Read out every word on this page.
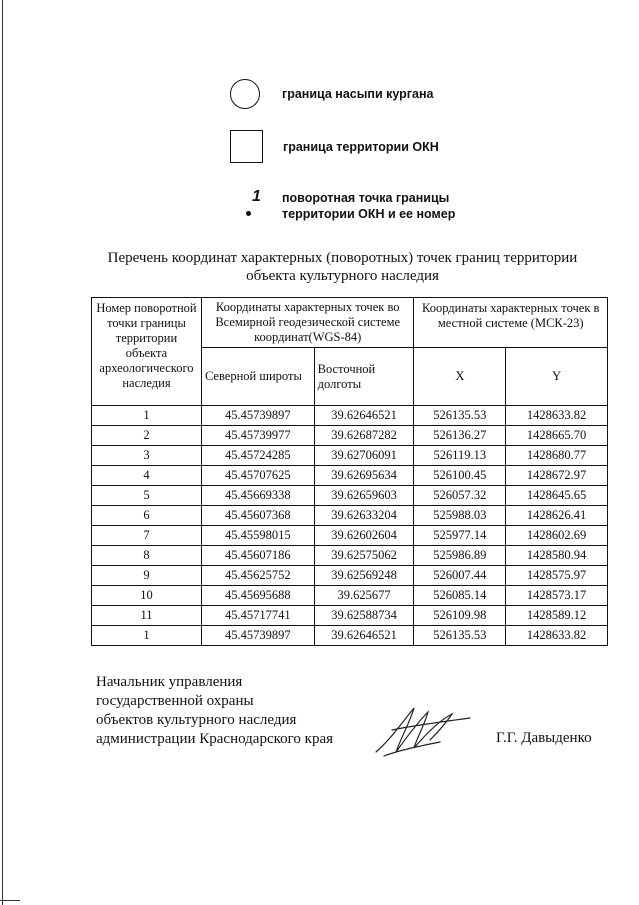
граница насыпи кургана
граница территории ОКН
1 поворотная точка границы
территории ОКН и ее номер
Перечень координат характерных (поворотных) точек границ территории
объекта культурного наследия
Номер поворотной точки границы территории объекта археологического наследия	Координаты характерных точек во Всемирной геодезической системе координат(WGS-84)		Координаты характерных точек в местной системе (МСК-23)	
	Северной широты	Восточной долготы	X	Y
1	45.45739897	39.62646521	526135.53	1428633.82
2	45.45739977	39.62687282	526136.27	1428665.70
3	45.45724285	39.62706091	526119.13	1428680.77
4	45.45707625	39.62695634	526100.45	1428672.97
5	45.45669338	39.62659603	526057.32	1428645.65
6	45.45607368	39.62633204	525988.03	1428626.41
7	45.45598015	39.62602604	525977.14	1428602.69
8	45.45607186	39.62575062	525986.89	1428580.94
9	45.45625752	39.62569248	526007.44	1428575.97
10	45.45695688	39.625677	526085.14	1428573.17
11	45.45717741	39.62588734	526109.98	1428589.12
1	45.45739897	39.62646521	526135.53	1428633.82
Начальник управления
государственной охраны
объектов культурного наследия
администрации Краснодарского края	Г.Г. Давыденко
